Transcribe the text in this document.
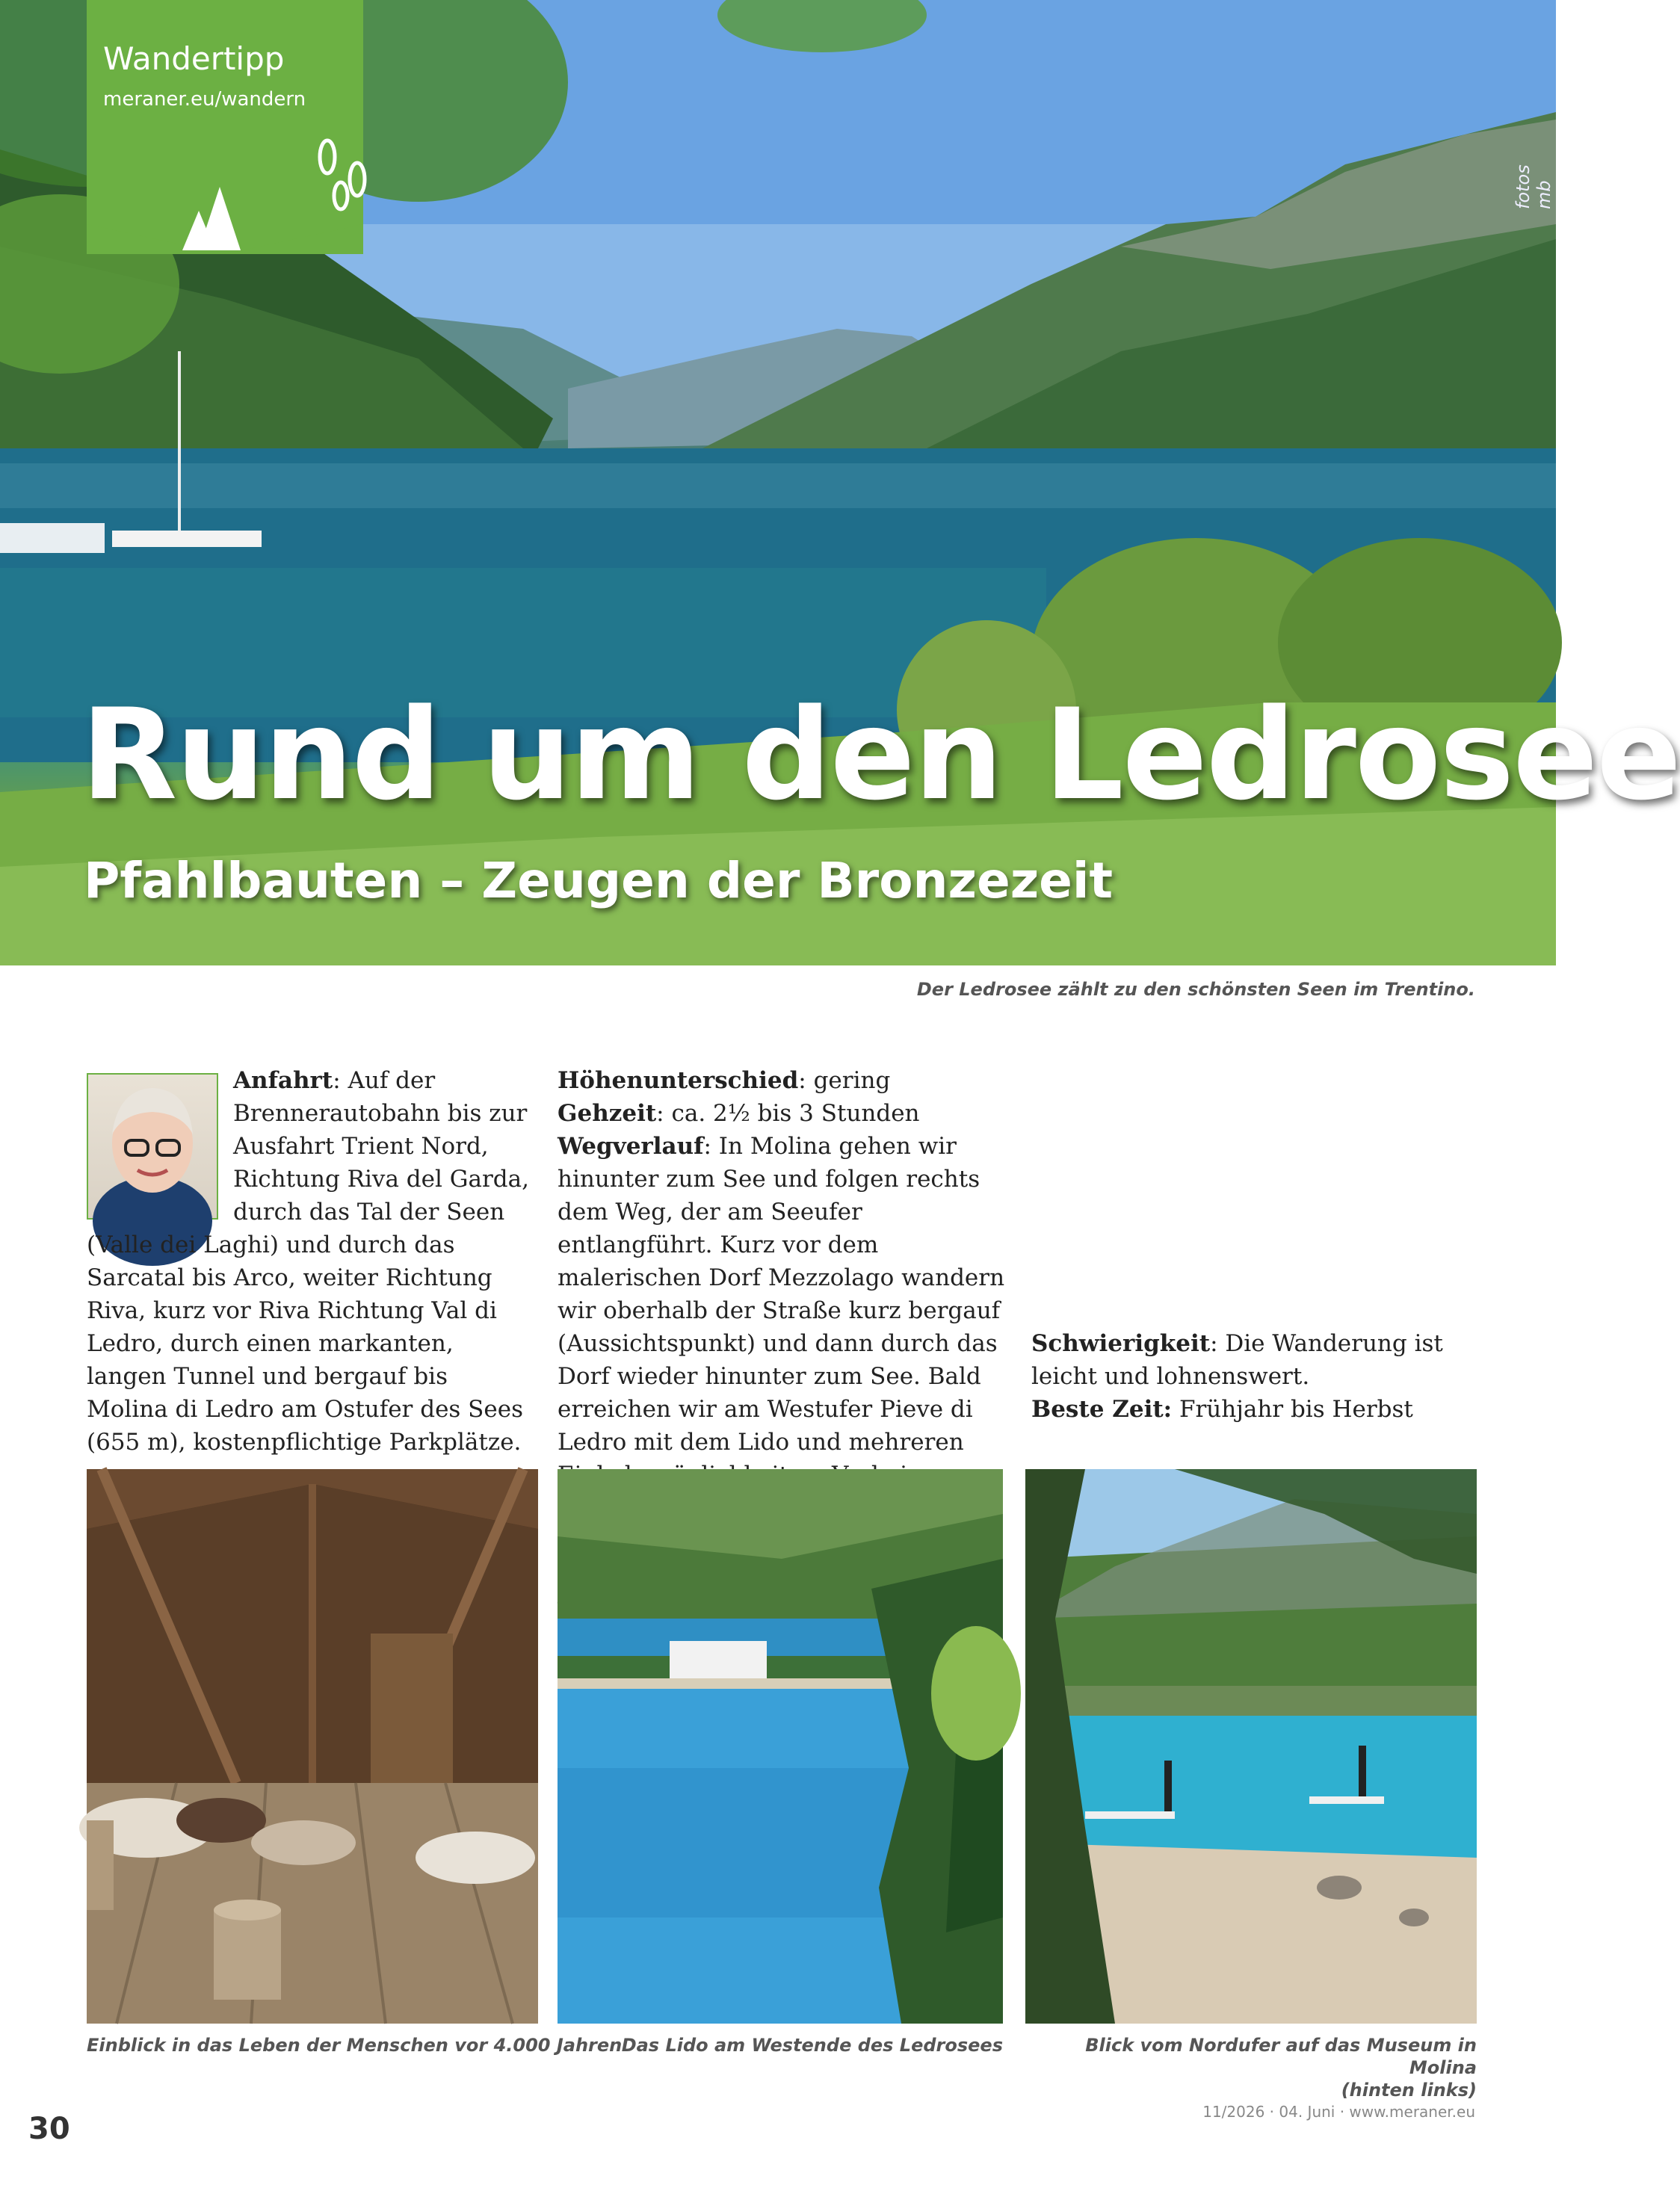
Wandertipp
meraner.eu/wandern
fotos mb
Rund um den Ledrosee
Pfahlbauten – Zeugen der Bronzezeit
Der Ledrosee zählt zu den schönsten Seen im Trentino.

Anfahrt: Auf der Brennerautobahn bis zur Ausfahrt Trient Nord, Richtung Riva del Garda, durch das Tal der Seen (Valle dei Laghi) und durch das Sarcatal bis Arco, weiter Richtung Riva, kurz vor Riva Richtung Val di Ledro, durch einen markanten, langen Tunnel und bergauf bis Molina di Ledro am Ostufer des Sees (655 m), kostenpflichtige Parkplätze.

Höhenunterschied: gering

Gehzeit: ca. 2½ bis 3 Stunden

Wegverlauf: In Molina gehen wir hinunter zum See und folgen rechts dem Weg, der am Seeufer entlangführt. Kurz vor dem malerischen Dorf Mezzolago wandern wir oberhalb der Straße kurz bergauf (Aussichtspunkt) und dann durch das Dorf wieder hinunter zum See. Bald erreichen wir am Westufer Pieve di Ledro mit dem Lido und mehreren

Schwierigkeit: Die Wanderung ist leicht und lohnenswert.

Beste Zeit: Frühjahr bis Herbst

Einblick in das Leben der Menschen vor 4.000 Jahren Das Lido am Westende des Ledrosees	Blick vom Nordufer auf das Museum in Molina
(hinten links)
30	11/2026 · 04. Juni · www.meraner.eu
